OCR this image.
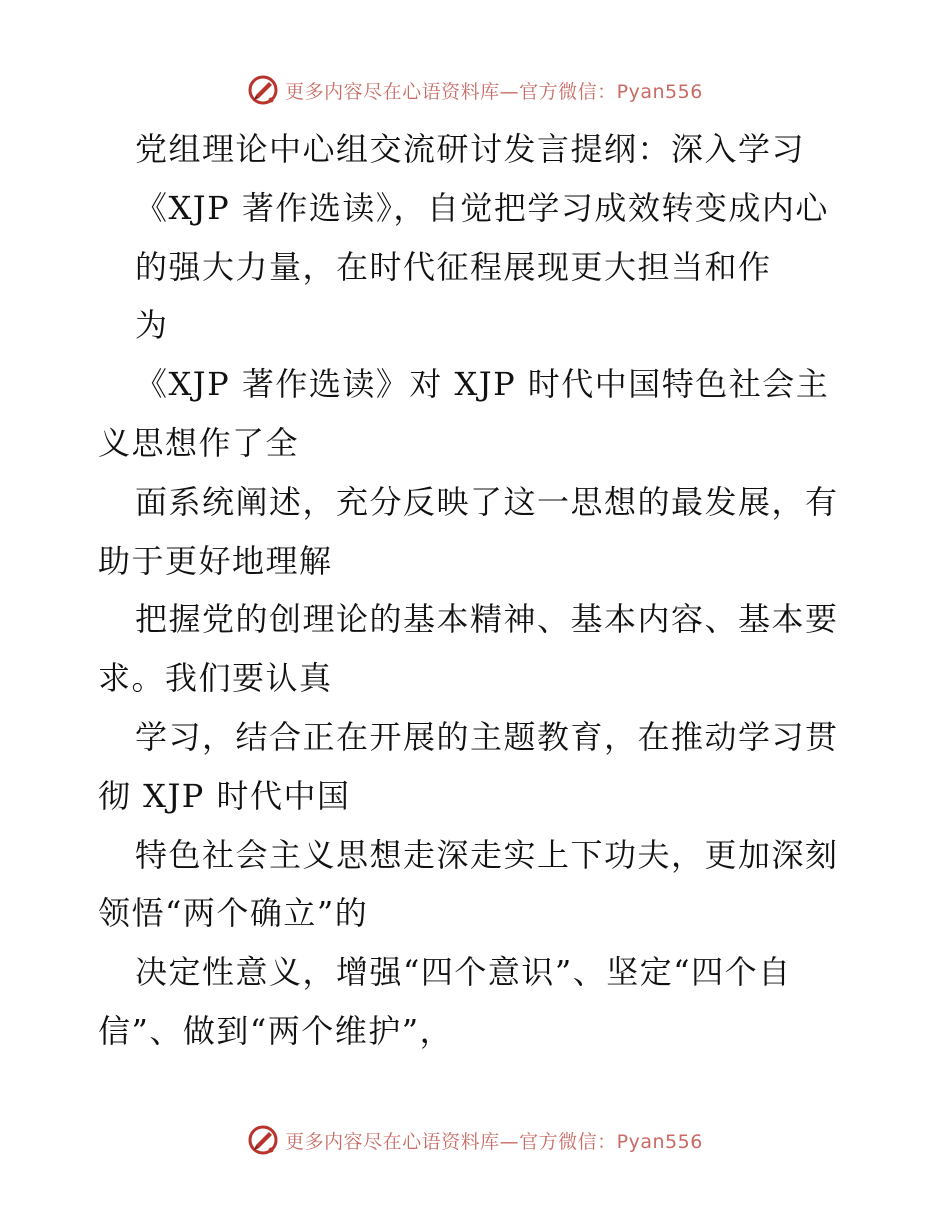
更多内容尽在心语资料库—官方微信：Pyan556
党组理论中心组交流研讨发言提纲：深入学习
《XJP 著作选读》，自觉把学习成效转变成内心
的强大力量，在时代征程展现更大担当和作
为
《XJP 著作选读》对 XJP 时代中国特色社会主
义思想作了全
面系统阐述，充分反映了这一思想的最发展，有
助于更好地理解
把握党的创理论的基本精神、基本内容、基本要
求。我们要认真
学习，结合正在开展的主题教育，在推动学习贯
彻 XJP 时代中国
特色社会主义思想走深走实上下功夫，更加深刻
领悟“两个确立”的
决定性意义，增强“四个意识”、坚定“四个自
信”、做到“两个维护”，
更多内容尽在心语资料库—官方微信：Pyan556
